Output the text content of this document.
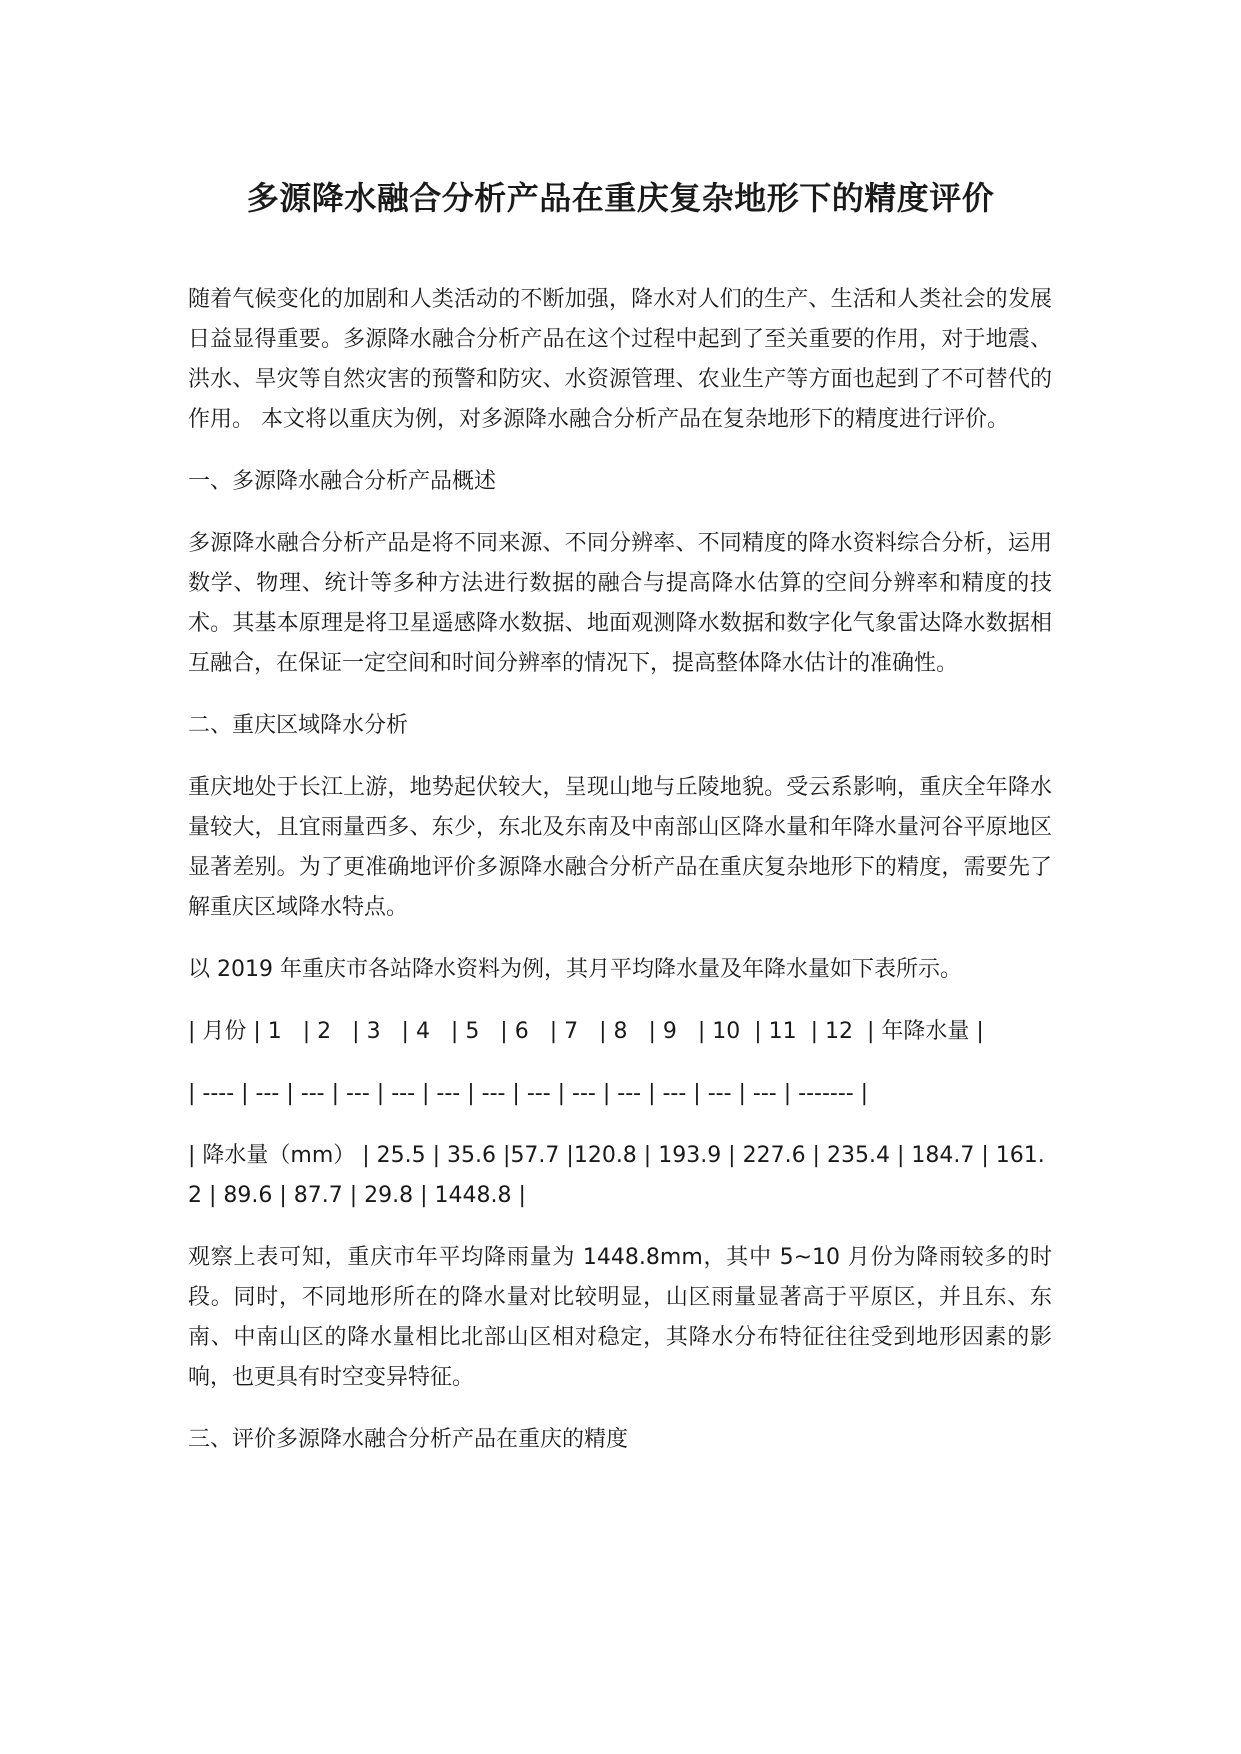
多源降水融合分析产品在重庆复杂地形下的精度评价

随着气候变化的加剧和人类活动的不断加强，降水对人们的生产、生活和人类社会的发展日益显得重要。多源降水融合分析产品在这个过程中起到了至关重要的作用，对于地震、洪水、旱灾等自然灾害的预警和防灾、水资源管理、农业生产等方面也起到了不可替代的作用。 本文将以重庆为例，对多源降水融合分析产品在复杂地形下的精度进行评价。

一、多源降水融合分析产品概述

多源降水融合分析产品是将不同来源、不同分辨率、不同精度的降水资料综合分析，运用数学、物理、统计等多种方法进行数据的融合与提高降水估算的空间分辨率和精度的技术。其基本原理是将卫星遥感降水数据、地面观测降水数据和数字化气象雷达降水数据相互融合，在保证一定空间和时间分辨率的情况下，提高整体降水估计的准确性。

二、重庆区域降水分析

重庆地处于长江上游，地势起伏较大，呈现山地与丘陵地貌。受云系影响，重庆全年降水量较大，且宜雨量西多、东少，东北及东南及中南部山区降水量和年降水量河谷平原地区显著差别。为了更准确地评价多源降水融合分析产品在重庆复杂地形下的精度，需要先了解重庆区域降水特点。

以 2019 年重庆市各站降水资料为例，其月平均降水量及年降水量如下表所示。

| 月份 | 1   | 2   | 3   | 4   | 5   | 6   | 7   | 8   | 9   | 10  | 11  | 12  | 年降水量 |

| ---- | --- | --- | --- | --- | --- | --- | --- | --- | --- | --- | --- | --- | ------- |

| 降水量（mm） | 25.5 | 35.6 |57.7 |120.8 | 193.9 | 227.6 | 235.4 | 184.7 | 161.2 | 89.6 | 87.7 | 29.8 | 1448.8 |

观察上表可知，重庆市年平均降雨量为 1448.8mm，其中 5~10 月份为降雨较多的时段。同时，不同地形所在的降水量对比较明显，山区雨量显著高于平原区，并且东、东南、中南山区的降水量相比北部山区相对稳定，其降水分布特征往往受到地形因素的影响，也更具有时空变异特征。

三、评价多源降水融合分析产品在重庆的精度
